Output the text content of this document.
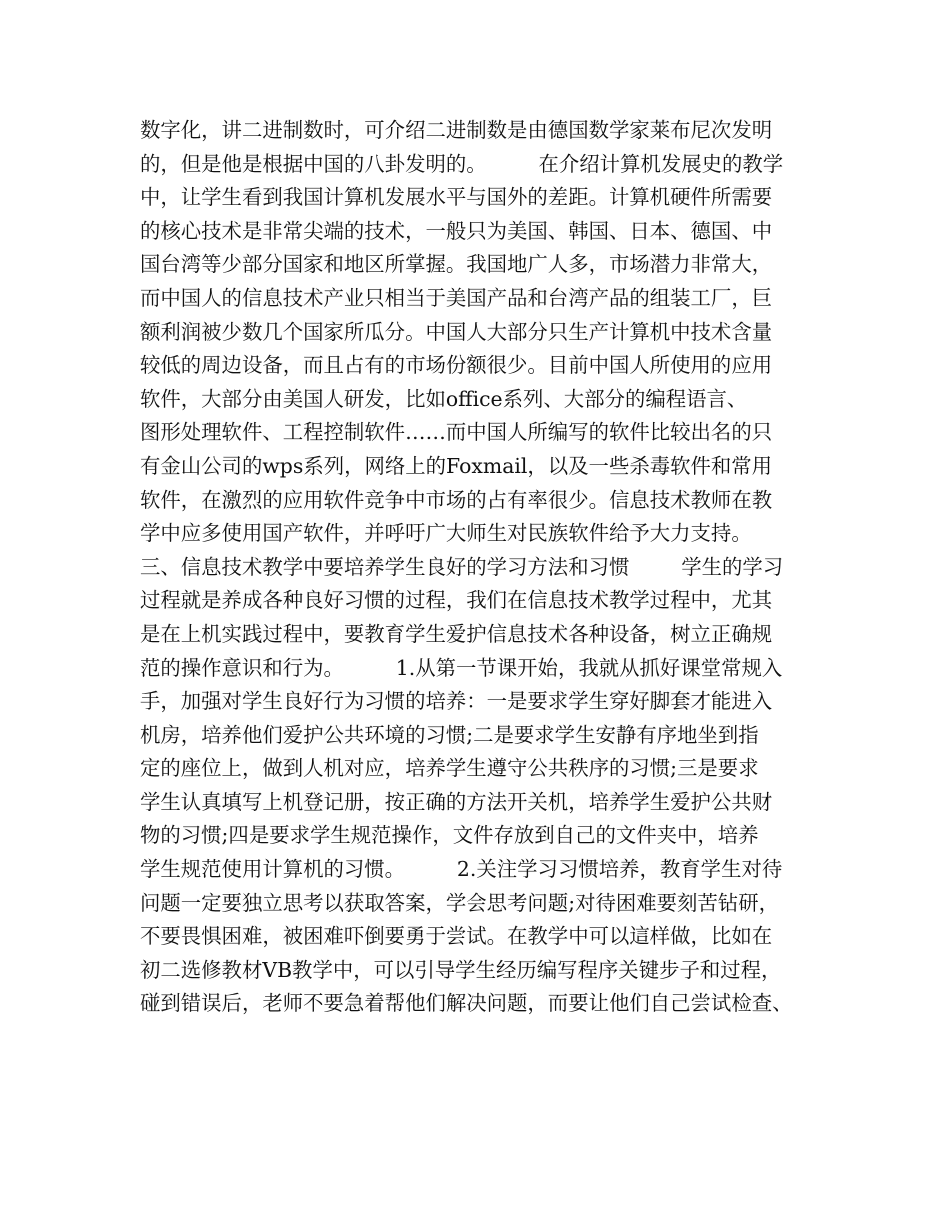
数字化，讲二进制数时，可介绍二进制数是由德国数学家莱布尼次发明
的，但是他是根据中国的八卦发明的。        在介绍计算机发展史的教学
中，让学生看到我国计算机发展水平与国外的差距。计算机硬件所需要
的核心技术是非常尖端的技术，一般只为美国、韩国、日本、德国、中
国台湾等少部分国家和地区所掌握。我国地广人多，市场潜力非常大，
而中国人的信息技术产业只相当于美国产品和台湾产品的组装工厂，巨
额利润被少数几个国家所瓜分。中国人大部分只生产计算机中技术含量
较低的周边设备，而且占有的市场份额很少。目前中国人所使用的应用
软件，大部分由美国人研发，比如office系列、大部分的编程语言、
图形处理软件、工程控制软件……而中国人所编写的软件比较出名的只
有金山公司的wps系列，网络上的Foxmail，以及一些杀毒软件和常用
软件，在激烈的应用软件竞争中市场的占有率很少。信息技术教师在教
学中应多使用国产软件，并呼吁广大师生对民族软件给予大力支持。
三、信息技术教学中要培养学生良好的学习方法和习惯        学生的学习
过程就是养成各种良好习惯的过程，我们在信息技术教学过程中，尤其
是在上机实践过程中，要教育学生爱护信息技术各种设备，树立正确规
范的操作意识和行为。        1.从第一节课开始，我就从抓好课堂常规入
手，加强对学生良好行为习惯的培养：一是要求学生穿好脚套才能进入
机房，培养他们爱护公共环境的习惯;二是要求学生安静有序地坐到指
定的座位上，做到人机对应，培养学生遵守公共秩序的习惯;三是要求
学生认真填写上机登记册，按正确的方法开关机，培养学生爱护公共财
物的习惯;四是要求学生规范操作，文件存放到自己的文件夹中，培养
学生规范使用计算机的习惯。        2.关注学习习惯培养，教育学生对待
问题一定要独立思考以获取答案，学会思考问题;对待困难要刻苦钻研，
不要畏惧困难，被困难吓倒要勇于尝试。在教学中可以這样做，比如在
初二选修教材VB教学中，可以引导学生经历编写程序关键步子和过程，
碰到错误后，老师不要急着帮他们解决问题，而要让他们自己尝试检查、
